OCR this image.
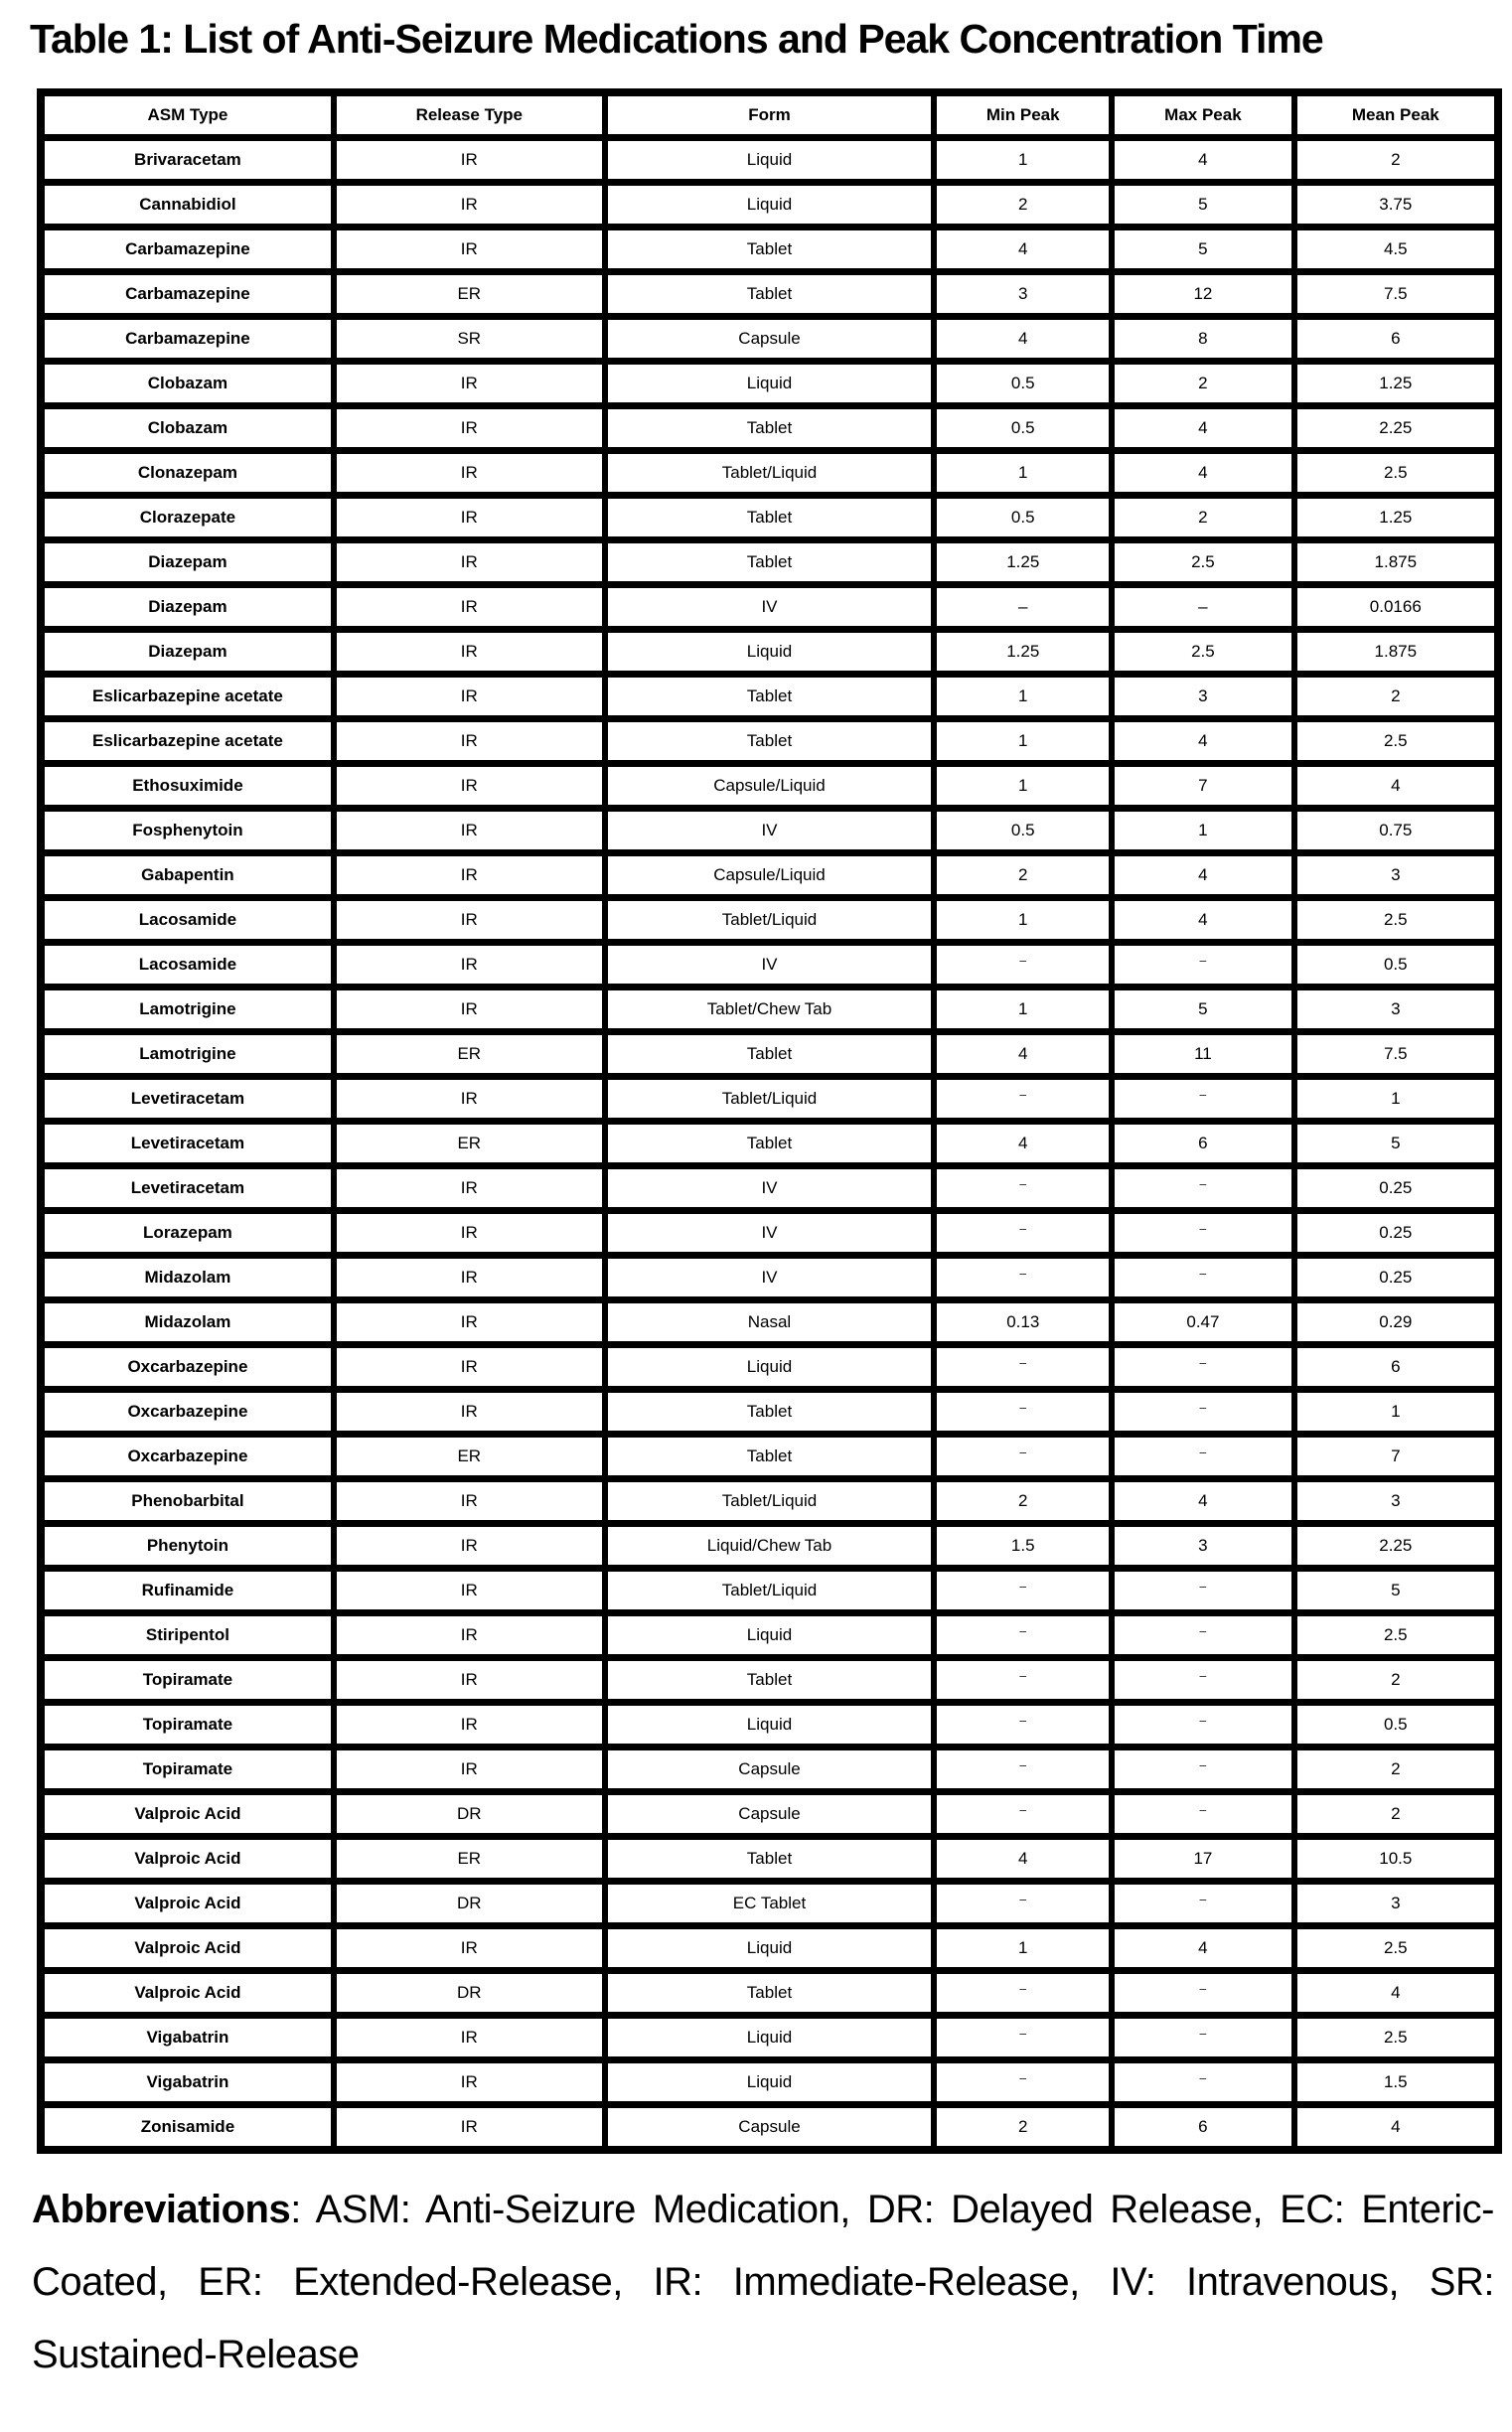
Table 1: List of Anti-Seizure Medications and Peak Concentration Time
ASM Type	Release Type	Form	Min Peak	Max Peak	Mean Peak
Brivaracetam	IR	Liquid	1	4	2
Cannabidiol	IR	Liquid	2	5	3.75
Carbamazepine	IR	Tablet	4	5	4.5
Carbamazepine	ER	Tablet	3	12	7.5
Carbamazepine	SR	Capsule	4	8	6
Clobazam	IR	Liquid	0.5	2	1.25
Clobazam	IR	Tablet	0.5	4	2.25
Clonazepam	IR	Tablet/Liquid	1	4	2.5
Clorazepate	IR	Tablet	0.5	2	1.25
Diazepam	IR	Tablet	1.25	2.5	1.875
Diazepam	IR	IV	–	–	0.0166
Diazepam	IR	Liquid	1.25	2.5	1.875
Eslicarbazepine acetate	IR	Tablet	1	3	2
Eslicarbazepine acetate	IR	Tablet	1	4	2.5
Ethosuximide	IR	Capsule/Liquid	1	7	4
Fosphenytoin	IR	IV	0.5	1	0.75
Gabapentin	IR	Capsule/Liquid	2	4	3
Lacosamide	IR	Tablet/Liquid	1	4	2.5
Lacosamide	IR	IV	⁻	⁻	0.5
Lamotrigine	IR	Tablet/Chew Tab	1	5	3
Lamotrigine	ER	Tablet	4	11	7.5
Levetiracetam	IR	Tablet/Liquid	⁻	⁻	1
Levetiracetam	ER	Tablet	4	6	5
Levetiracetam	IR	IV	⁻	⁻	0.25
Lorazepam	IR	IV	⁻	⁻	0.25
Midazolam	IR	IV	⁻	⁻	0.25
Midazolam	IR	Nasal	0.13	0.47	0.29
Oxcarbazepine	IR	Liquid	⁻	⁻	6
Oxcarbazepine	IR	Tablet	⁻	⁻	1
Oxcarbazepine	ER	Tablet	⁻	⁻	7
Phenobarbital	IR	Tablet/Liquid	2	4	3
Phenytoin	IR	Liquid/Chew Tab	1.5	3	2.25
Rufinamide	IR	Tablet/Liquid	⁻	⁻	5
Stiripentol	IR	Liquid	⁻	⁻	2.5
Topiramate	IR	Tablet	⁻	⁻	2
Topiramate	IR	Liquid	⁻	⁻	0.5
Topiramate	IR	Capsule	⁻	⁻	2
Valproic Acid	DR	Capsule	⁻	⁻	2
Valproic Acid	ER	Tablet	4	17	10.5
Valproic Acid	DR	EC Tablet	⁻	⁻	3
Valproic Acid	IR	Liquid	1	4	2.5
Valproic Acid	DR	Tablet	⁻	⁻	4
Vigabatrin	IR	Liquid	⁻	⁻	2.5
Vigabatrin	IR	Liquid	⁻	⁻	1.5
Zonisamide	IR	Capsule	2	6	4

Abbreviations: ASM: Anti-Seizure Medication, DR: Delayed Release, EC: Enteric-Coated, ER: Extended-Release, IR: Immediate-Release, IV: Intravenous, SR: Sustained-Release
